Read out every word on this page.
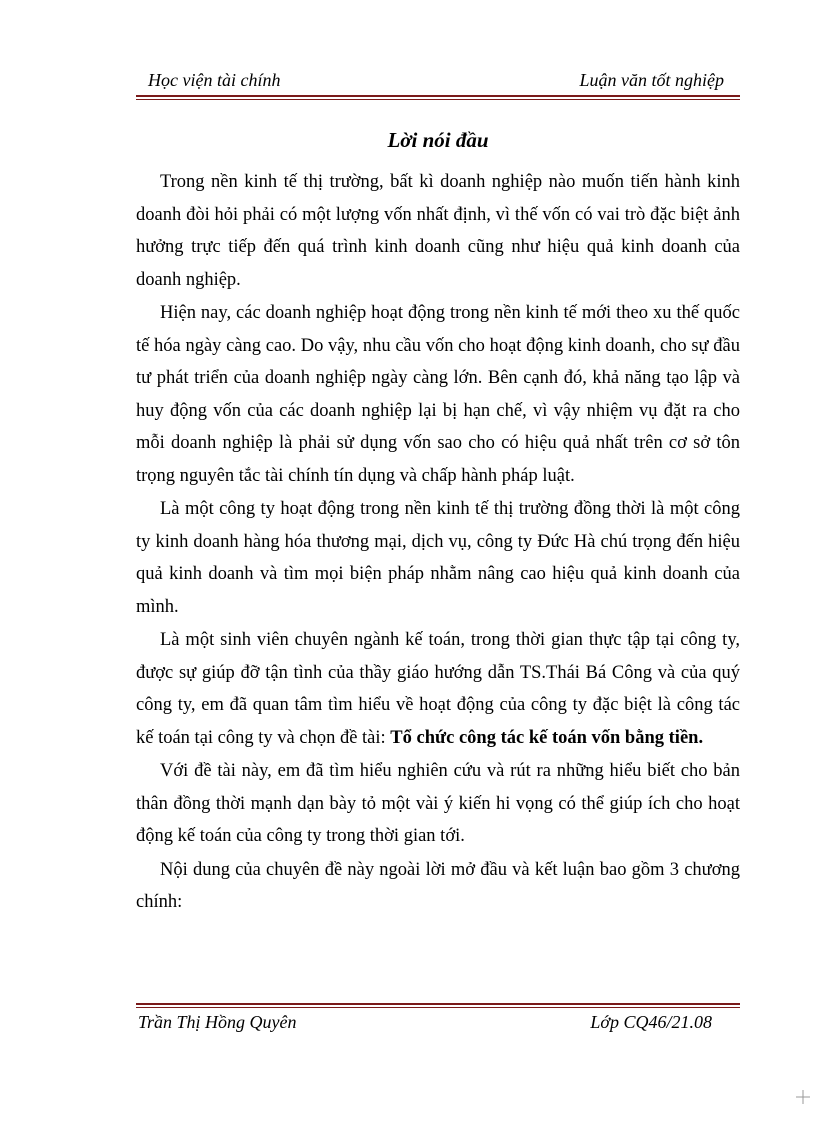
Học viện tài chính	Luận văn tốt nghiệp
Lời nói đầu

Trong nền kinh tế thị trường, bất kì doanh nghiệp nào muốn tiến hành kinh doanh đòi hỏi phải có một lượng vốn nhất định, vì thế vốn có vai trò đặc biệt ảnh hưởng trực tiếp đến quá trình kinh doanh cũng như hiệu quả kinh doanh của doanh nghiệp.

Hiện nay, các doanh nghiệp hoạt động trong nền kinh tế mới theo xu thế quốc tế hóa ngày càng cao. Do vậy, nhu cầu vốn cho hoạt động kinh doanh, cho sự đầu tư phát triển của doanh nghiệp ngày càng lớn. Bên cạnh đó, khả năng tạo lập và huy động vốn của các doanh nghiệp lại bị hạn chế, vì vậy nhiệm vụ đặt ra cho mỗi doanh nghiệp là phải sử dụng vốn sao cho có hiệu quả nhất trên cơ sở tôn trọng nguyên tắc tài chính tín dụng và chấp hành pháp luật.

Là một công ty hoạt động trong nền kinh tế thị trường đồng thời là một công ty kinh doanh hàng hóa thương mại, dịch vụ, công ty Đức Hà chú trọng đến hiệu quả kinh doanh và tìm mọi biện pháp nhằm nâng cao hiệu quả kinh doanh của mình.

Là một sinh viên chuyên ngành kế toán, trong thời gian thực tập tại công ty, được sự giúp đỡ tận tình của thầy giáo hướng dẫn TS.Thái Bá Công và của quý công ty, em đã quan tâm tìm hiểu về hoạt động của công ty đặc biệt là công tác kế toán tại công ty và chọn đề tài: Tổ chức công tác kế toán vốn bằng tiền.

Với đề tài này, em đã tìm hiểu nghiên cứu và rút ra những hiểu biết cho bản thân đồng thời mạnh dạn bày tỏ một vài ý kiến hi vọng có thể giúp ích cho hoạt động kế toán của công ty trong thời gian tới.

Nội dung của chuyên đề này ngoài lời mở đầu và kết luận bao gồm 3 chương chính:

Trần Thị Hồng Quyên	Lớp CQ46/21.08
